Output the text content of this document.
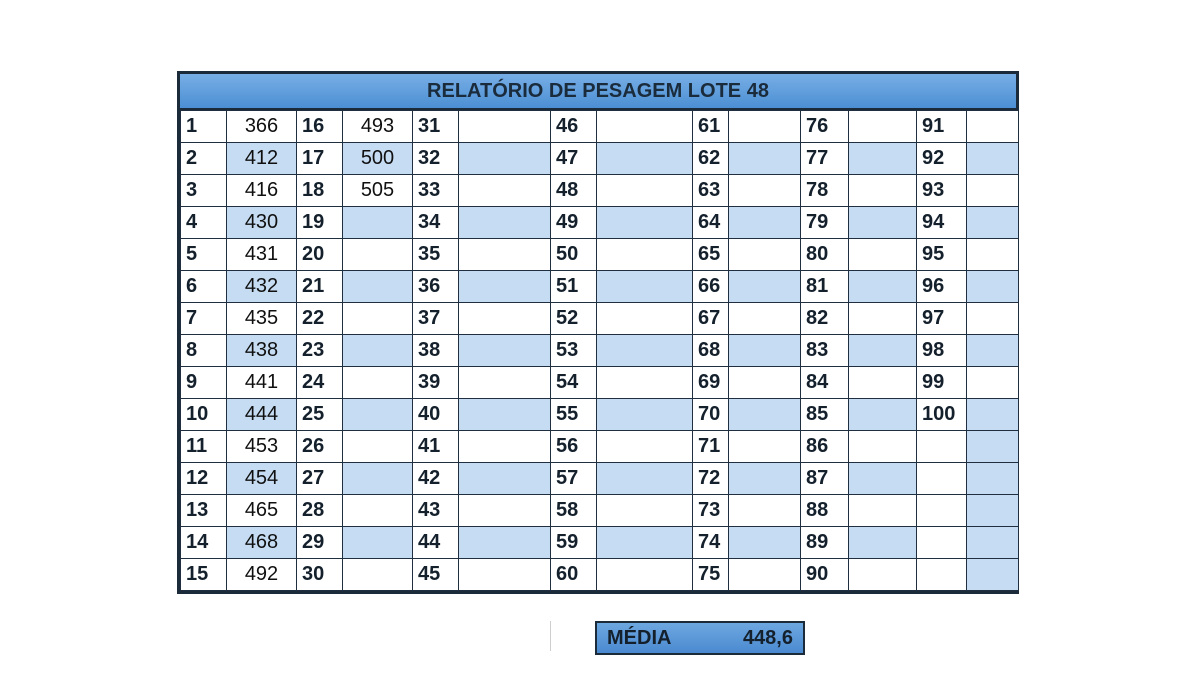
RELATÓRIO DE PESAGEM LOTE 48
1	366	16	493	31		46		61		76		91	
2	412	17	500	32		47		62		77		92	
3	416	18	505	33		48		63		78		93	
4	430	19		34		49		64		79		94	
5	431	20		35		50		65		80		95	
6	432	21		36		51		66		81		96	
7	435	22		37		52		67		82		97	
8	438	23		38		53		68		83		98	
9	441	24		39		54		69		84		99	
10	444	25		40		55		70		85		100	
11	453	26		41		56		71		86			
12	454	27		42		57		72		87			
13	465	28		43		58		73		88			
14	468	29		44		59		74		89			
15	492	30		45		60		75		90			
MÉDIA	448,6
